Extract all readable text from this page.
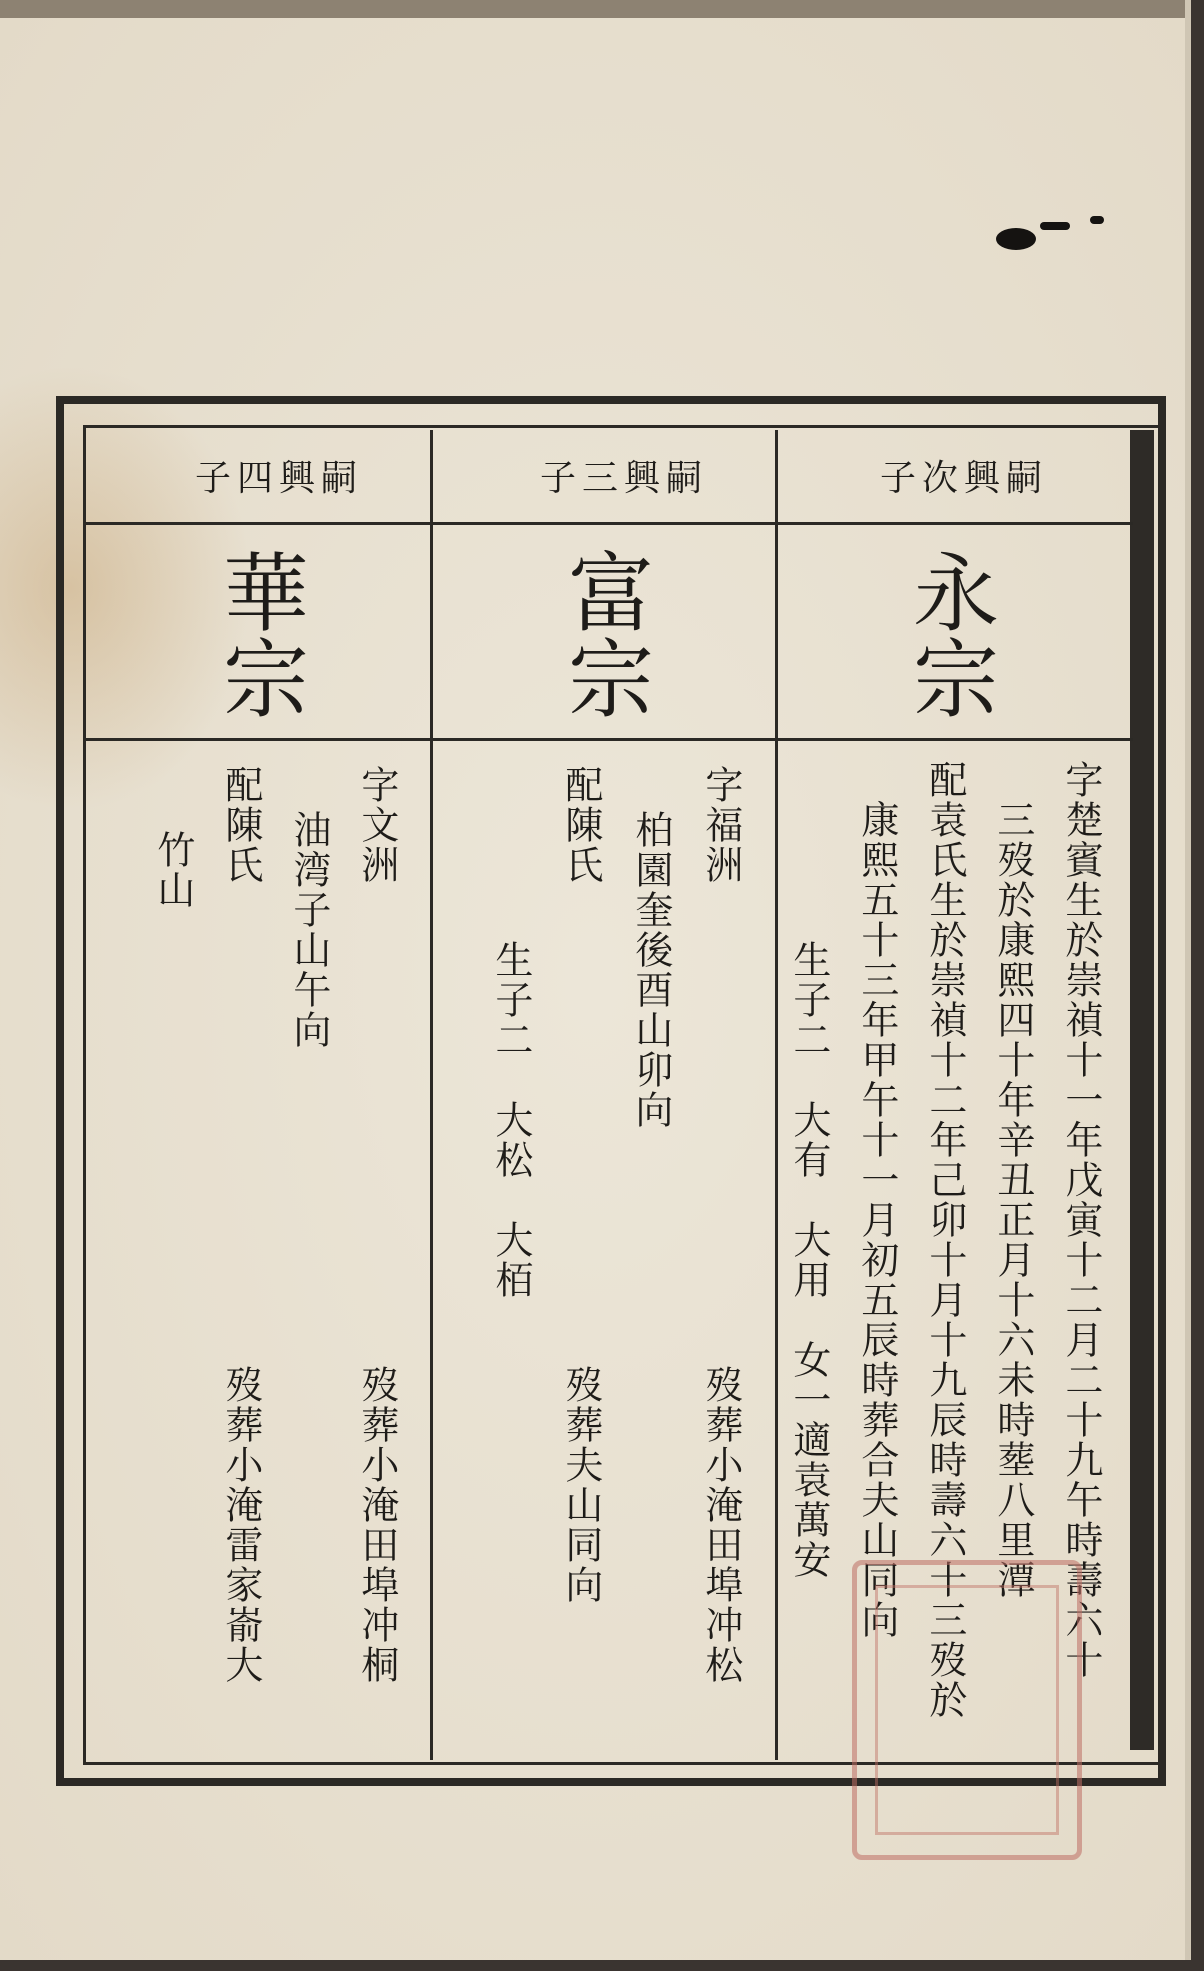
嗣興次子
永宗
字楚賓生於崇禎十一年戊寅十二月二十九午時壽六十
三歿於康熙四十年辛丑正月十六未時塟八里潭
配袁氏生於崇禎十二年己卯十月十九辰時壽六十三歿於
康熙五十三年甲午十一月初五辰時葬合夫山同向
生子二　大有　大用　女一適袁萬安
嗣興三子
富宗
字福洲　　　　　　　　　　　　歿葬小淹田埠冲松
柏園奎後酉山卯向
配陳氏　　　　　　　　　　　　歿葬夫山同向
生子二　大松　大栢
嗣興四子
華宗
字文洲　　　　　　　　　　　　歿葬小淹田埠冲桐
油湾子山午向
配陳氏　　　　　　　　　　　　歿葬小淹雷家嵛大
竹山
